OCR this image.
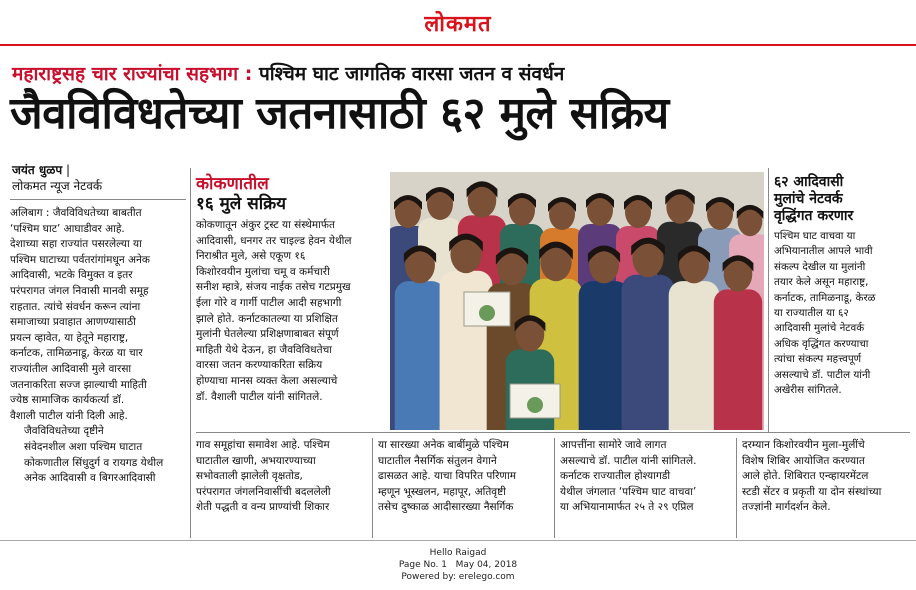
लोकमत
महाराष्ट्रसह चार राज्यांचा सहभाग : पश्चिम घाट जागतिक वारसा जतन व संवर्धन
जैवविविधतेच्या जतनासाठी ६२ मुले सक्रिय
जयंत धुळप |
लोकमत न्यूज नेटवर्क
अलिबाग : जैवविविधतेच्या बाबतीत
‘पश्चिम घाट’ आघाडीवर आहे.
देशाच्या सहा राज्यांत पसरलेल्या या
पश्चिम घाटाच्या पर्वतरांगांमधून अनेक
आदिवासी, भटके विमुक्त व इतर
परंपरागत जंगल निवासी मानवी समूह
राहतात. त्यांचे संवर्धन करून त्यांना
समाजाच्या प्रवाहात आणण्यासाठी
प्रयत्न व्हावेत, या हेतूने महाराष्ट्र,
कर्नाटक, तामिळनाडू, केरळ या चार
राज्यांतील आदिवासी मुले वारसा
जतनाकरिता सज्ज झाल्याची माहिती
ज्येष्ठ सामाजिक कार्यकर्त्या डॉ.
वैशाली पाटील यांनी दिली आहे.
जैवविविधतेच्या दृष्टीने
संवेदनशील अशा पश्चिम घाटात
कोकणातील सिंधुदुर्ग व रायगड येथील
अनेक आदिवासी व बिगरआदिवासी
कोकणातील
१६ मुले सक्रिय
कोकणातून अंकुर ट्रस्ट या संस्थेमार्फत
आदिवासी, धनगर तर चाइल्ड हेवन येथील
निराश्रीत मुले, असे एकूण १६
किशोरवयीन मुलांचा चमू व कर्मचारी
सनीश म्हात्रे, संजय नाईक तसेच गटप्रमुख
ईला गोरे व गार्गी पाटील आदी सहभागी
झाले होते. कर्नाटकातल्या या प्रशिक्षित
मुलांनी घेतलेल्या प्रशिक्षणाबाबत संपूर्ण
माहिती येथे देऊन, हा जैवविविधतेचा
वारसा जतन करण्याकरिता सक्रिय
होण्याचा मानस व्यक्त केला असल्याचे
डॉ. वैशाली पाटील यांनी सांगितले.
६२ आदिवासी
मुलांचे नेटवर्क
वृद्धिंगत करणार
पश्चिम घाट वाचवा या
अभियानातील आपले भावी
संकल्प देखील या मुलांनी
तयार केले असून महाराष्ट्र,
कर्नाटक, तामिळनाडू, केरळ
या राज्यातील या ६२
आदिवासी मुलांचे नेटवर्क
अधिक वृद्धिंगत करण्याचा
त्यांचा संकल्प महत्त्वपूर्ण
असल्याचे डॉ. पाटील यांनी
अखेरीस सांगितले.
गाव समूहांचा समावेश आहे. पश्चिम
घाटातील खाणी, अभयारण्याच्या
सभोवताली झालेली वृक्षतोड,
परंपरागत जंगलनिवासींची बदललेली
शेती पद्धती व वन्य प्राण्यांची शिकार
या सारख्या अनेक बाबींमुळे पश्चिम
घाटातील नैसर्गिक संतुलन वेगाने
ढासळत आहे. याचा विपरित परिणाम
म्हणून भूस्खलन, महापूर, अतिवृष्टी
तसेच दुष्काळ आदीसारख्या नैसर्गिक
आपत्तींना सामोरे जावे लागत
असल्याचे डॉ. पाटील यांनी सांगितले.
कर्नाटक राज्यातील होश्यागडी
येथील जंगलात ‘पश्चिम घाट वाचवा’
या अभियानामार्फत २५ ते २९ एप्रिल
दरम्यान किशोरवयीन मुला-मुलींचे
विशेष शिबिर आयोजित करण्यात
आले होते. शिबिरात एन्व्हायरमेंटल
स्टडी सेंटर व प्रकृती या दोन संस्थांच्या
तज्ज्ञांनी मार्गदर्शन केले.
Hello Raigad
Page No. 1 May 04, 2018
Powered by: erelego.com
